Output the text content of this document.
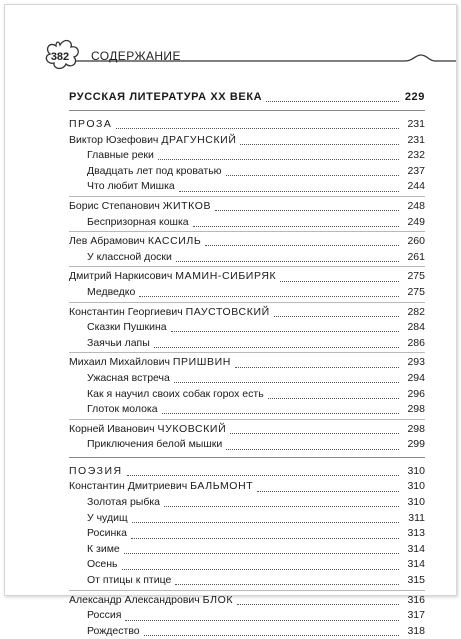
382	СОДЕРЖАНИЕ
РУССКАЯ ЛИТЕРАТУРА XX ВЕКА	229
ПРОЗА	231
Виктор Юзефович ДРАГУНСКИЙ	231
Главные реки	232
Двадцать лет под кроватью	237
Что любит Мишка	244
Борис Степанович ЖИТКОВ	248
Беспризорная кошка	249
Лев Абрамович КАССИЛЬ	260
У классной доски	261
Дмитрий Наркисович МАМИН-СИБИРЯК	275
Медведко	275
Константин Георгиевич ПАУСТОВСКИЙ	282
Сказки Пушкина	284
Заячьи лапы	286
Михаил Михайлович ПРИШВИН	293
Ужасная встреча	294
Как я научил своих собак горох есть	296
Глоток молока	298
Корней Иванович ЧУКОВСКИЙ	298
Приключения белой мышки	299
ПОЭЗИЯ	310
Константин Дмитриевич БАЛЬМОНТ	310
Золотая рыбка	310
У чудищ	311
Росинка	313
К зиме	314
Осень	314
От птицы к птице	315
Александр Александрович БЛОК	316
Россия	317
Рождество	318
